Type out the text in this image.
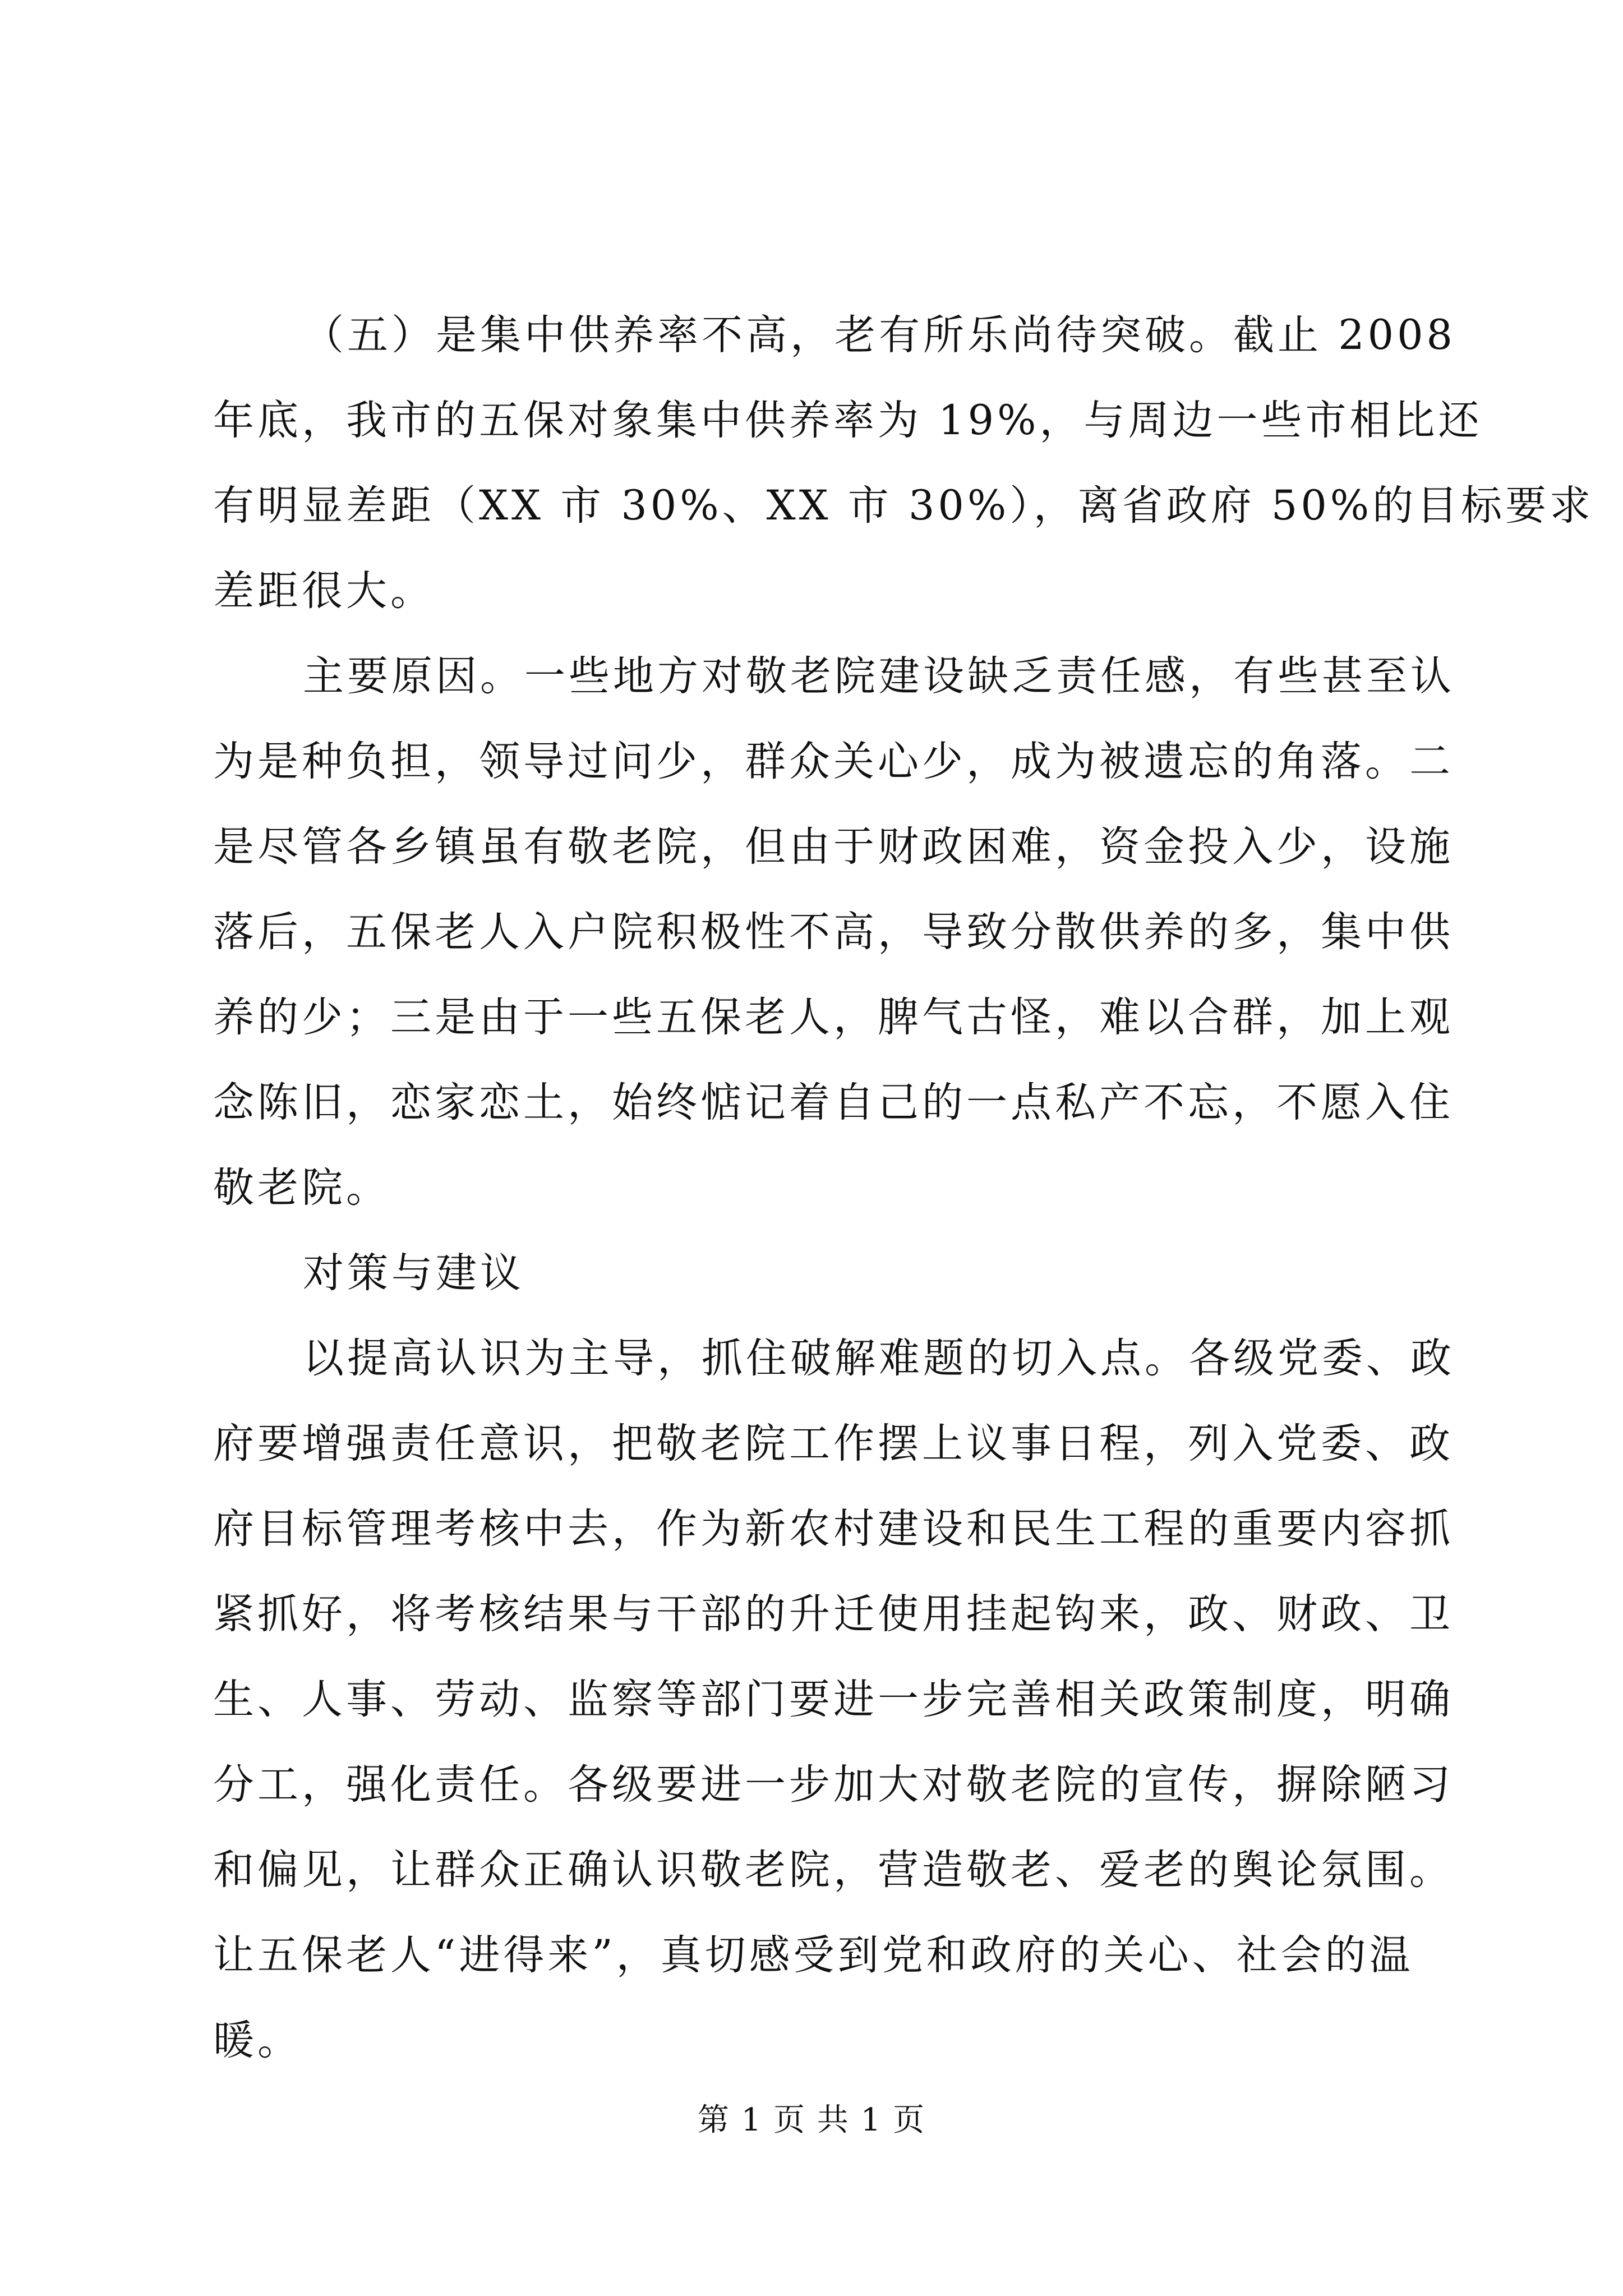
（五）是集中供养率不高，老有所乐尚待突破。截止 2008
年底，我市的五保对象集中供养率为 19%，与周边一些市相比还
有明显差距（XX 市 30%、XX 市 30%），离省政府 50%的目标要求
差距很大。
主要原因。一些地方对敬老院建设缺乏责任感，有些甚至认
为是种负担，领导过问少，群众关心少，成为被遗忘的角落。二
是尽管各乡镇虽有敬老院，但由于财政困难，资金投入少，设施
落后，五保老人入户院积极性不高，导致分散供养的多，集中供
养的少；三是由于一些五保老人，脾气古怪，难以合群，加上观
念陈旧，恋家恋土，始终惦记着自己的一点私产不忘，不愿入住
敬老院。
对策与建议
以提高认识为主导，抓住破解难题的切入点。各级党委、政
府要增强责任意识，把敬老院工作摆上议事日程，列入党委、政
府目标管理考核中去，作为新农村建设和民生工程的重要内容抓
紧抓好，将考核结果与干部的升迁使用挂起钩来，政、财政、卫
生、人事、劳动、监察等部门要进一步完善相关政策制度，明确
分工，强化责任。各级要进一步加大对敬老院的宣传，摒除陋习
和偏见，让群众正确认识敬老院，营造敬老、爱老的舆论氛围。
让五保老人“进得来”，真切感受到党和政府的关心、社会的温
暖。
第 1 页 共 1 页
